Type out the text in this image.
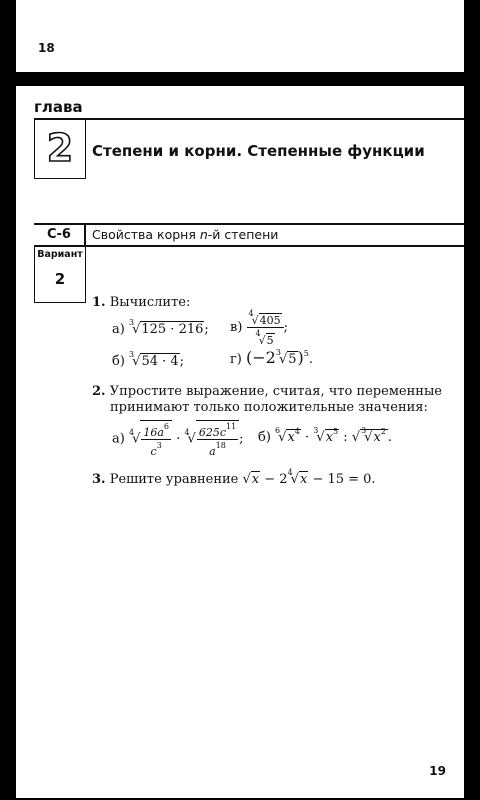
18
глава
2	Степени и корни. Степенные функции
С-6	Свойства корня n-й степени
Вариант
2
1. Вычислите:
а) $^3$√125 · 216; $в) \frac{^4√405}{^4√5}$ ;
б) $^3$√54 · 4;	г) $(-2^3√5)^5$.
2. Упростите выражение, считая, что переменные
принимают только положительные значения:
а) $^4√ \frac{16a^6}{c^3} \cdot ^4√ \frac{625c^{11}}{a^{18}}$ ; б) $^6√x^4 \cdot ^3√x^5$ : $√^3√x^2$ .
3. Решите уравнение $√x - 2^4√x - 15 = 0$.
19
